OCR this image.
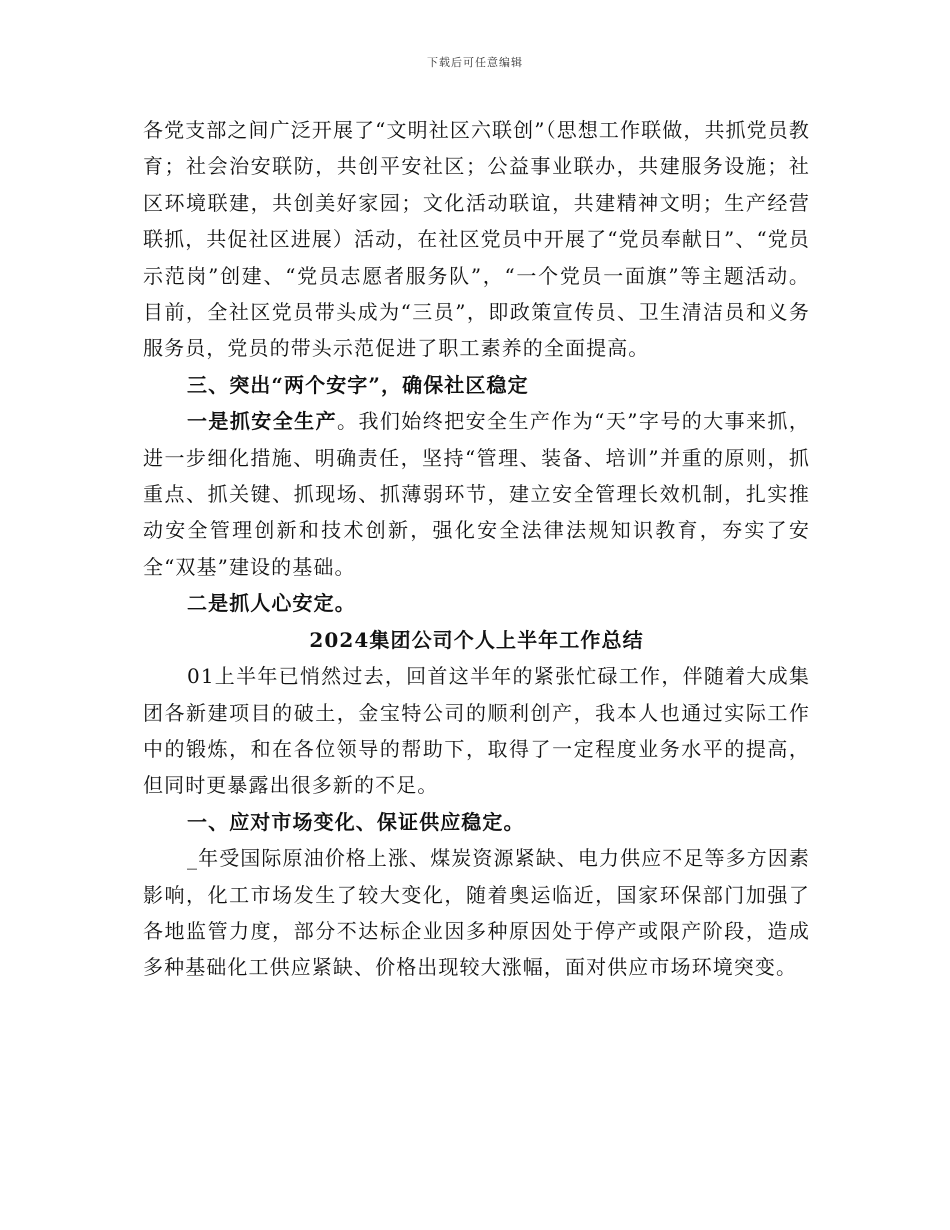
下载后可任意编辑

各党支部之间广泛开展了“文明社区六联创”（思想工作联做，共抓党员教育；社会治安联防，共创平安社区；公益事业联办，共建服务设施；社区环境联建，共创美好家园；文化活动联谊，共建精神文明；生产经营联抓，共促社区进展）活动，在社区党员中开展了“党员奉献日”、“党员示范岗”创建、“党员志愿者服务队”，“一个党员一面旗”等主题活动。目前，全社区党员带头成为“三员”，即政策宣传员、卫生清洁员和义务服务员，党员的带头示范促进了职工素养的全面提高。

三、突出“两个安字”，确保社区稳定

一是抓安全生产。我们始终把安全生产作为“天”字号的大事来抓，进一步细化措施、明确责任，坚持“管理、装备、培训”并重的原则，抓重点、抓关键、抓现场、抓薄弱环节，建立安全管理长效机制，扎实推动安全管理创新和技术创新，强化安全法律法规知识教育，夯实了安全“双基”建设的基础。

二是抓人心安定。

2024集团公司个人上半年工作总结

01上半年已悄然过去，回首这半年的紧张忙碌工作，伴随着大成集团各新建项目的破土，金宝特公司的顺利创产，我本人也通过实际工作中的锻炼，和在各位领导的帮助下，取得了一定程度业务水平的提高，但同时更暴露出很多新的不足。

一、应对市场变化、保证供应稳定。

_年受国际原油价格上涨、煤炭资源紧缺、电力供应不足等多方因素影响，化工市场发生了较大变化，随着奥运临近，国家环保部门加强了各地监管力度，部分不达标企业因多种原因处于停产或限产阶段，造成多种基础化工供应紧缺、价格出现较大涨幅，面对供应市场环境突变。
